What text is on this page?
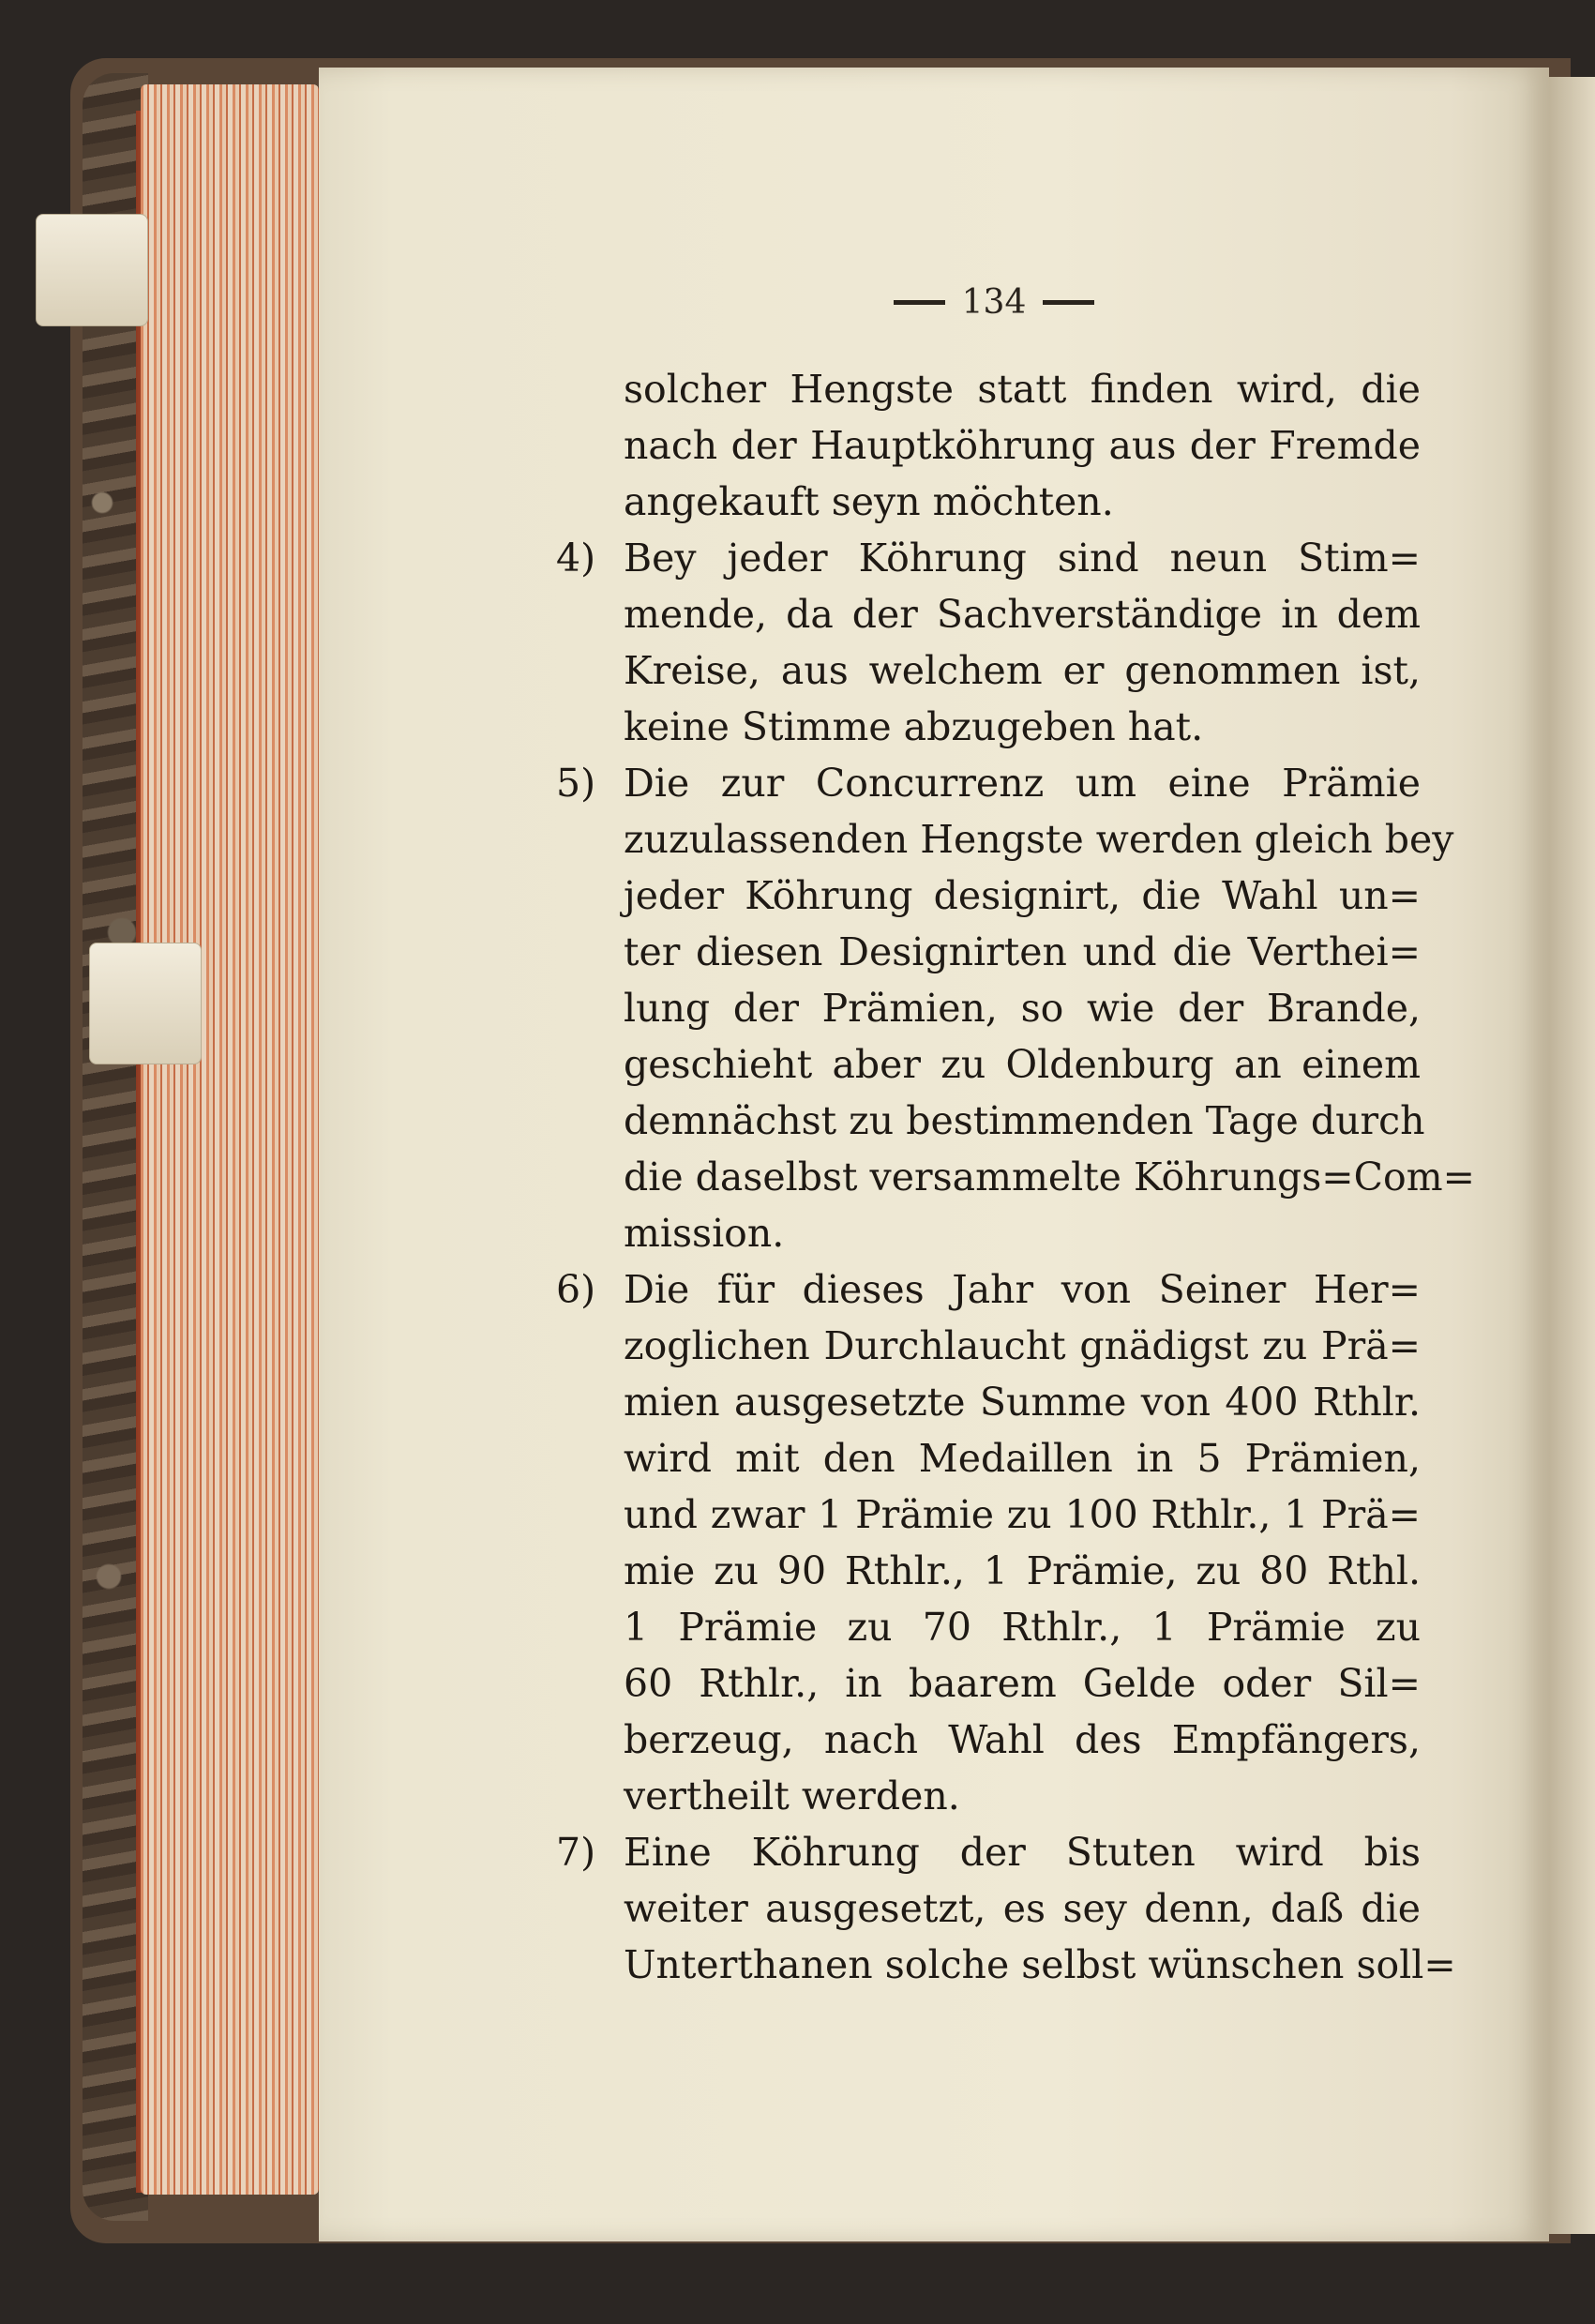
134
solcher Hengste statt finden wird, die
nach der Hauptköhrung aus der Fremde
angekauft seyn möchten.
4) Bey jeder Köhrung sind neun Stim=
mende, da der Sachverständige in dem
Kreise, aus welchem er genommen ist,
keine Stimme abzugeben hat.
5) Die zur Concurrenz um eine Prämie
zuzulassenden Hengste werden gleich bey
jeder Köhrung designirt, die Wahl un=
ter diesen Designirten und die Verthei=
lung der Prämien, so wie der Brande,
geschieht aber zu Oldenburg an einem
demnächst zu bestimmenden Tage durch
die daselbst versammelte Köhrungs=Com=
mission.
6) Die für dieses Jahr von Seiner Her=
zoglichen Durchlaucht gnädigst zu Prä=
mien ausgesetzte Summe von 400 Rthlr.
wird mit den Medaillen in 5 Prämien,
und zwar 1 Prämie zu 100 Rthlr., 1 Prä=
mie zu 90 Rthlr., 1 Prämie, zu 80 Rthl.
1 Prämie zu 70 Rthlr., 1 Prämie zu
60 Rthlr., in baarem Gelde oder Sil=
berzeug, nach Wahl des Empfängers,
vertheilt werden.
7) Eine Köhrung der Stuten wird bis
weiter ausgesetzt, es sey denn, daß die
Unterthanen solche selbst wünschen soll=
